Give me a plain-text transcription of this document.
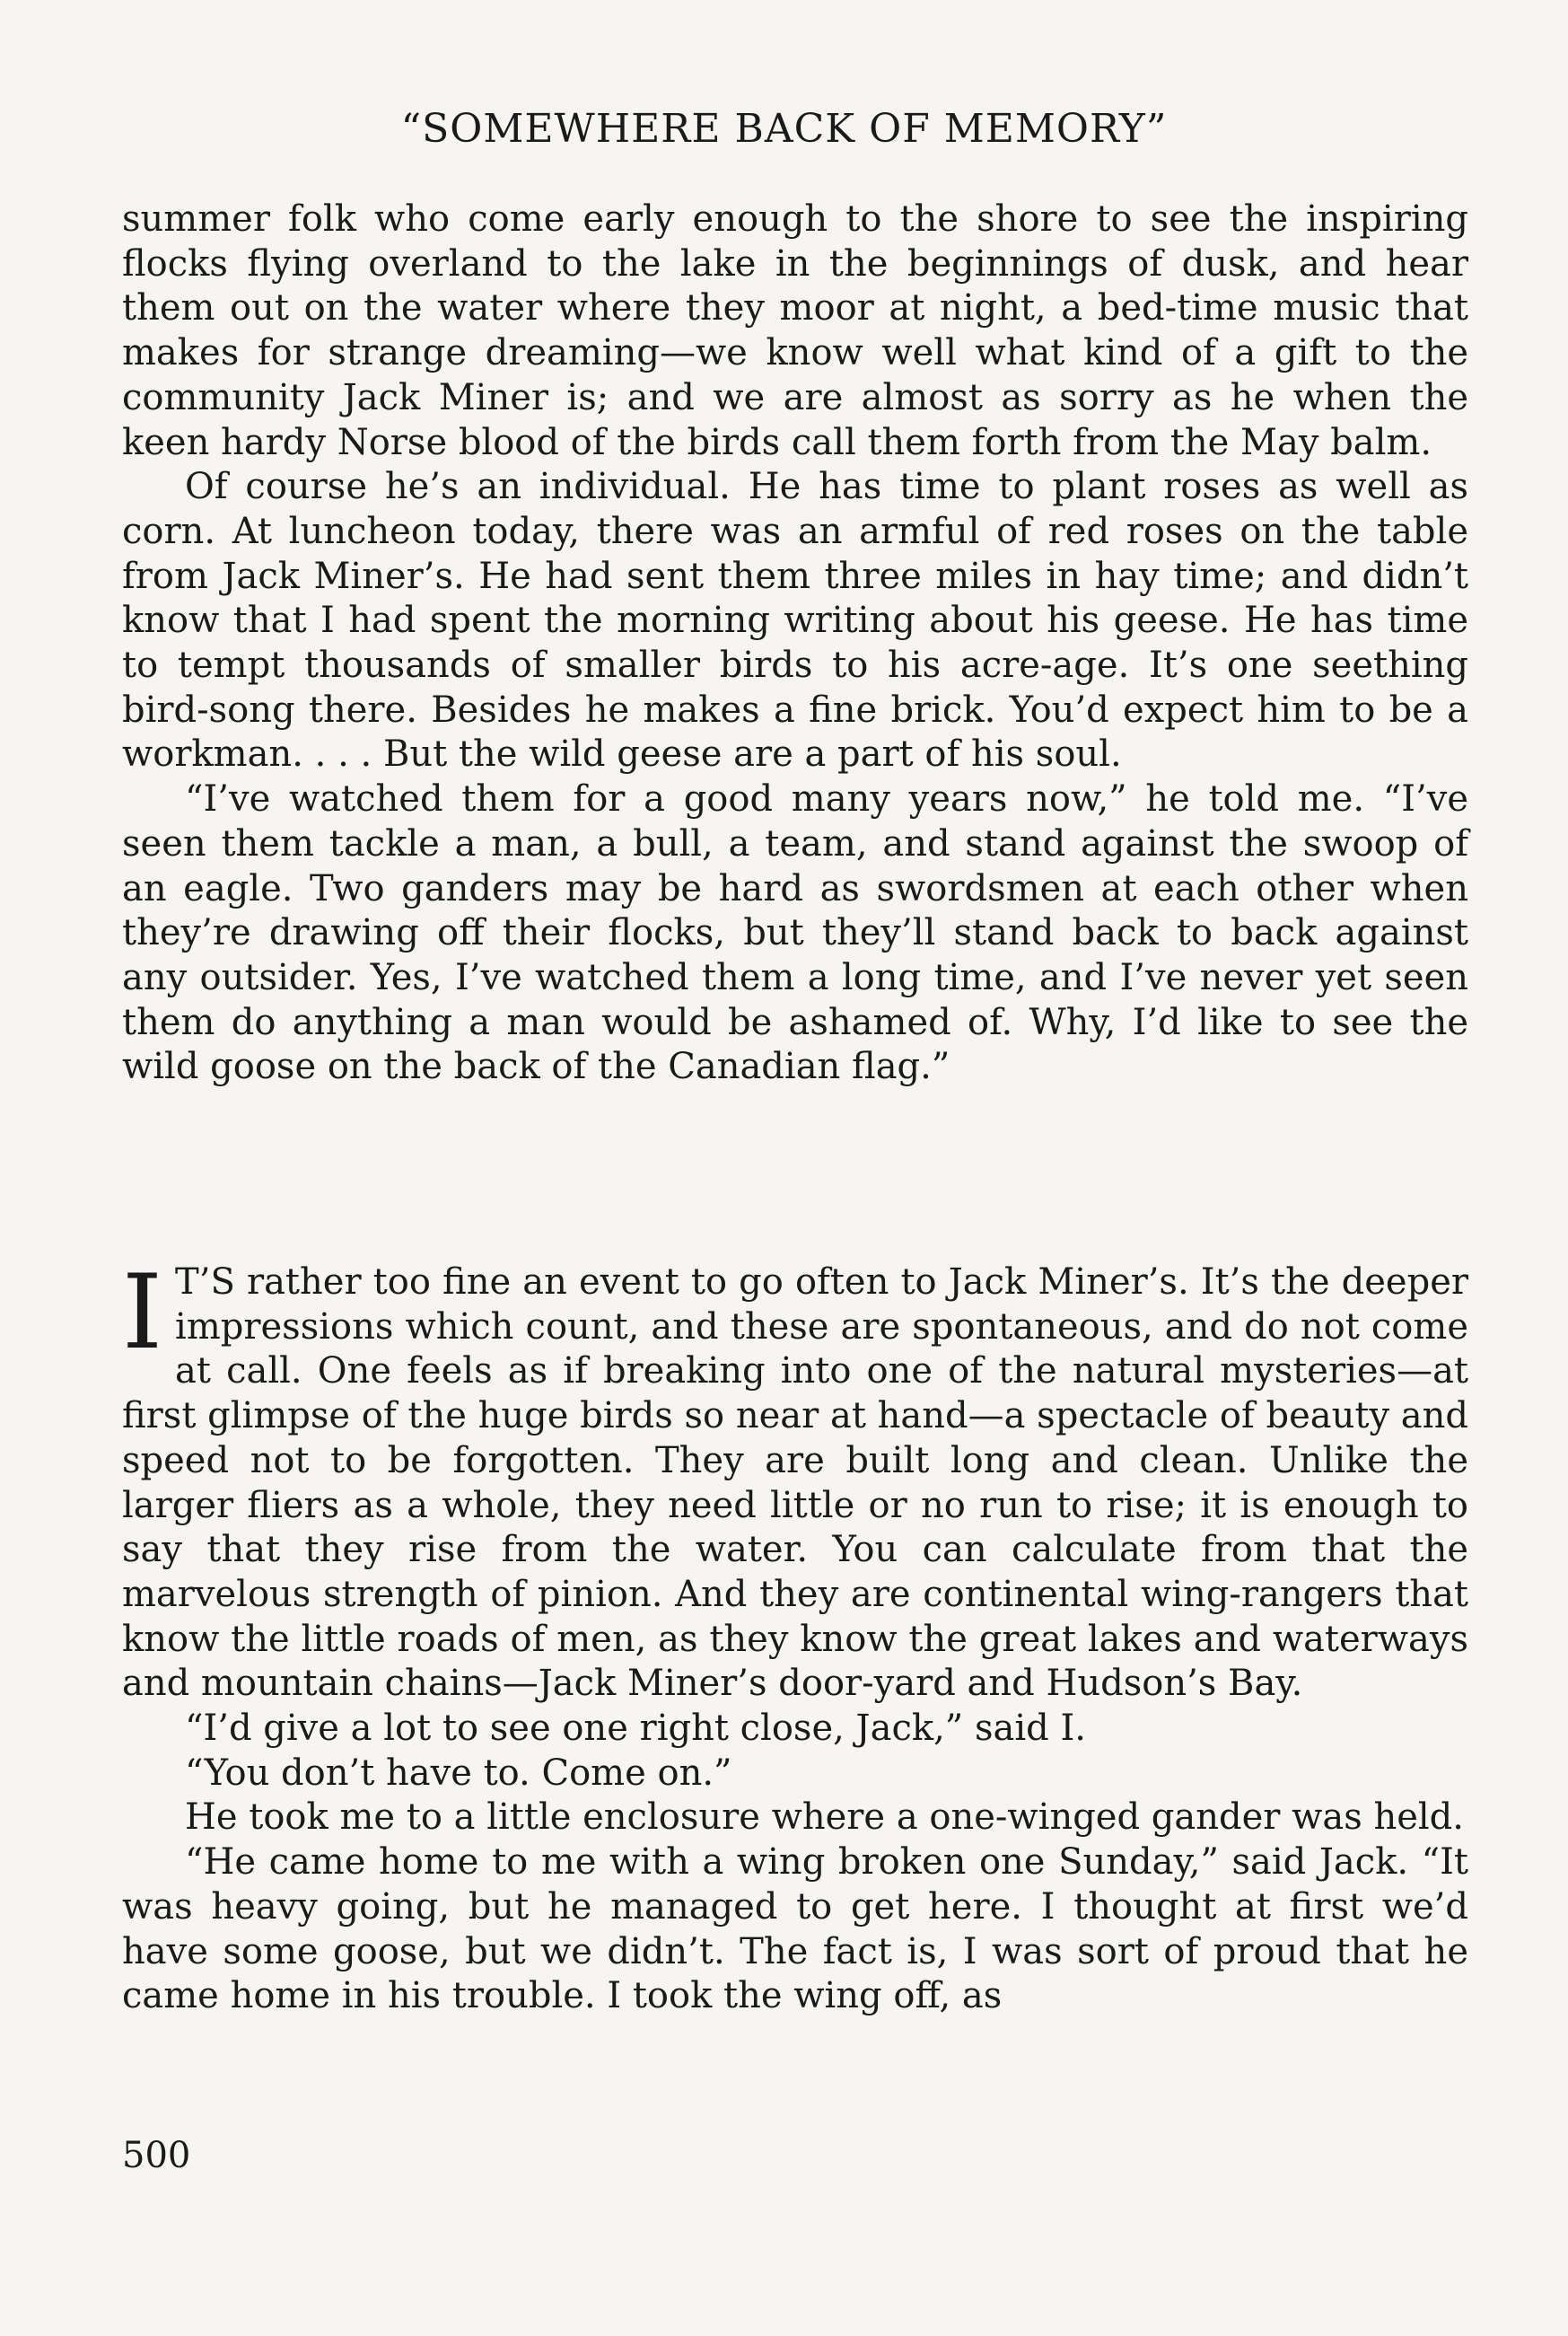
“SOMEWHERE BACK OF MEMORY”

summer folk who come early enough to the shore to see the inspiring flocks flying overland to the lake in the beginnings of dusk, and hear them out on the water where they moor at night, a bed-time music that makes for strange dreaming—we know well what kind of a gift to the community Jack Miner is; and we are almost as sorry as he when the keen hardy Norse blood of the birds call them forth from the May balm.

Of course he’s an individual. He has time to plant roses as well as corn. At luncheon today, there was an armful of red roses on the table from Jack Miner’s. He had sent them three miles in hay time; and didn’t know that I had spent the morning writing about his geese. He has time to tempt thousands of smaller birds to his acre-age. It’s one seething bird-song there. Besides he makes a fine brick. You’d expect him to be a workman. . . . But the wild geese are a part of his soul.

“I’ve watched them for a good many years now,” he told me. “I’ve seen them tackle a man, a bull, a team, and stand against the swoop of an eagle. Two ganders may be hard as swordsmen at each other when they’re drawing off their flocks, but they’ll stand back to back against any outsider. Yes, I’ve watched them a long time, and I’ve never yet seen them do anything a man would be ashamed of. Why, I’d like to see the wild goose on the back of the Canadian flag.”

I T’S rather too fine an event to go often to Jack Miner’s. It’s the deeper impressions which count, and these are spontaneous, and do not come at call. One feels as if breaking into one of the natural mysteries—at first glimpse of the huge birds so near at hand—a spectacle of beauty and speed not to be forgotten. They are built long and clean. Unlike the larger fliers as a whole, they need little or no run to rise; it is enough to say that they rise from the water. You can calculate from that the marvelous strength of pinion. And they are continental wing-rangers that know the little roads of men, as they know the great lakes and waterways and mountain chains—Jack Miner’s door-yard and Hudson’s Bay.

“I’d give a lot to see one right close, Jack,” said I.

“You don’t have to. Come on.”

He took me to a little enclosure where a one-winged gander was held.

“He came home to me with a wing broken one Sunday,” said Jack. “It was heavy going, but he managed to get here. I thought at first we’d have some goose, but we didn’t. The fact is, I was sort of proud that he came home in his trouble. I took the wing off, as

500
